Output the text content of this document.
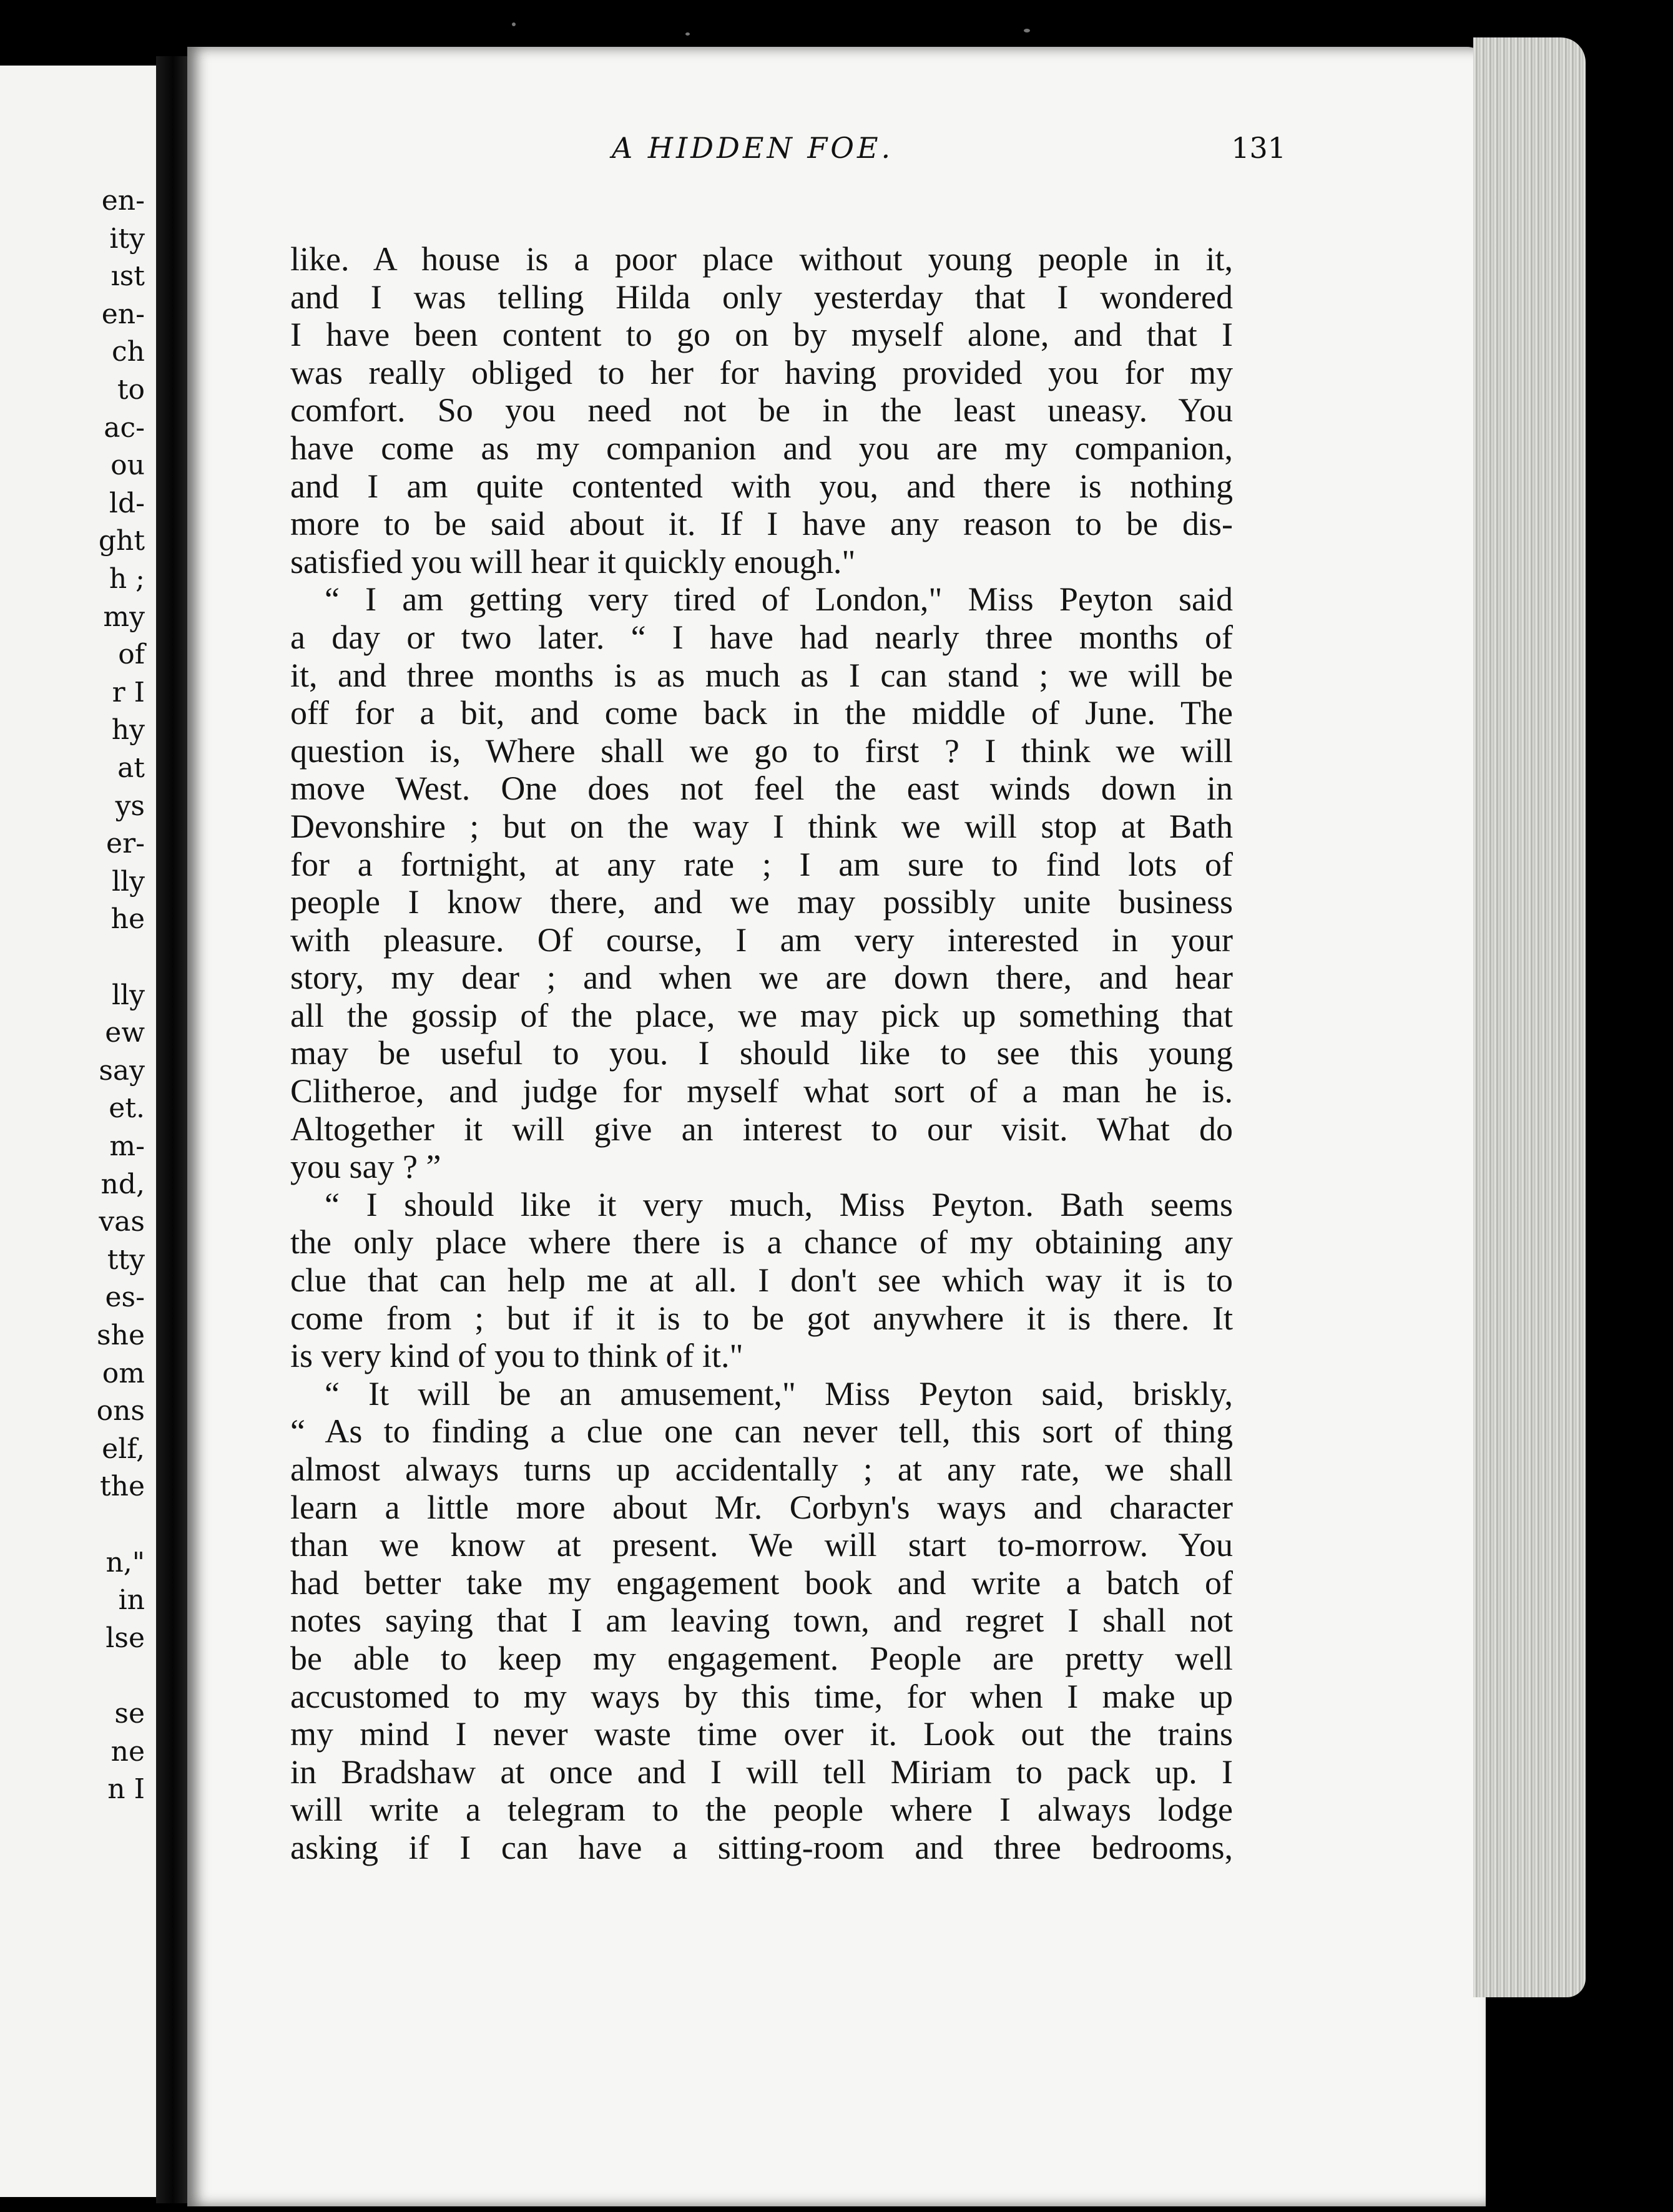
en-
ity
ıst
en-
ch
to
ac-
ou
ld-
ght
h ;
my
of
r I
hy
at
ys
er-
lly
he
lly
ew
say
et.
m-
nd,
vas
tty
es-
she
om
ons
elf,
the
n,"
in
lse
se
ne
n I
A HIDDEN FOE.	131
like. A house is a poor place without young people in it,
and I was telling Hilda only yesterday that I wondered
I have been content to go on by myself alone, and that I
was really obliged to her for having provided you for my
comfort. So you need not be in the least uneasy. You
have come as my companion and you are my companion,
and I am quite contented with you, and there is nothing
more to be said about it. If I have any reason to be dis-
satisfied you will hear it quickly enough."
“ I am getting very tired of London," Miss Peyton said
a day or two later. “ I have had nearly three months of
it, and three months is as much as I can stand ; we will be
off for a bit, and come back in the middle of June. The
question is, Where shall we go to first ? I think we will
move West. One does not feel the east winds down in
Devonshire ; but on the way I think we will stop at Bath
for a fortnight, at any rate ; I am sure to find lots of
people I know there, and we may possibly unite business
with pleasure. Of course, I am very interested in your
story, my dear ; and when we are down there, and hear
all the gossip of the place, we may pick up something that
may be useful to you. I should like to see this young
Clitheroe, and judge for myself what sort of a man he is.
Altogether it will give an interest to our visit. What do
you say ? ”
“ I should like it very much, Miss Peyton. Bath seems
the only place where there is a chance of my obtaining any
clue that can help me at all. I don't see which way it is to
come from ; but if it is to be got anywhere it is there. It
is very kind of you to think of it."
“ It will be an amusement," Miss Peyton said, briskly,
“ As to finding a clue one can never tell, this sort of thing
almost always turns up accidentally ; at any rate, we shall
learn a little more about Mr. Corbyn's ways and character
than we know at present. We will start to-morrow. You
had better take my engagement book and write a batch of
notes saying that I am leaving town, and regret I shall not
be able to keep my engagement. People are pretty well
accustomed to my ways by this time, for when I make up
my mind I never waste time over it. Look out the trains
in Bradshaw at once and I will tell Miriam to pack up. I
will write a telegram to the people where I always lodge
asking if I can have a sitting-room and three bedrooms,
